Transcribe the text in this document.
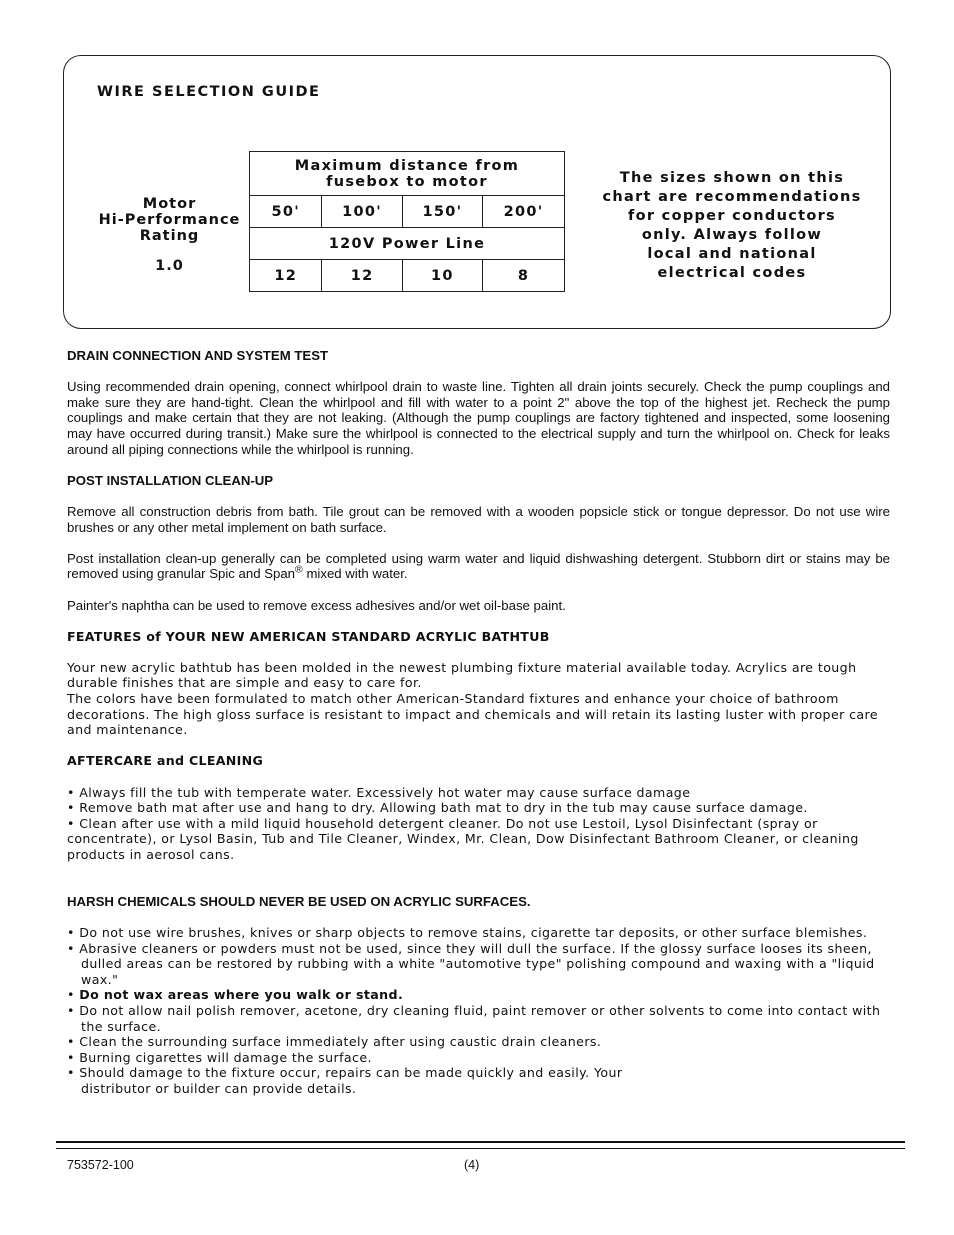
WIRE SELECTION GUIDE
Motor
Hi-Performance
Rating
1.0
Maximum distance from
fusebox to motor			

50'	100'	150'	200'
120V Power Line			
12	12	10	8
The sizes shown on this
chart are recommendations
for copper conductors
only. Always follow
local and national
electrical codes
DRAIN CONNECTION AND SYSTEM TEST

Using recommended drain opening, connect whirlpool drain to waste line. Tighten all drain joints securely. Check the pump couplings and make sure they are hand-tight. Clean the whirlpool and fill with water to a point 2" above the top of the highest jet. Recheck the pump couplings and make certain that they are not leaking. (Although the pump couplings are factory tightened and inspected, some loosening may have occurred during transit.) Make sure the whirlpool is connected to the electrical supply and turn the whirlpool on. Check for leaks around all piping connections while the whirlpool is running.

POST INSTALLATION CLEAN-UP

Remove all construction debris from bath. Tile grout can be removed with a wooden popsicle stick or tongue depressor. Do not use wire brushes or any other metal implement on bath surface.

Post installation clean-up generally can be completed using warm water and liquid dishwashing detergent. Stubborn dirt or stains may be removed using granular Spic and Span® mixed with water.

Painter's naphtha can be used to remove excess adhesives and/or wet oil-base paint.

FEATURES of YOUR NEW AMERICAN STANDARD ACRYLIC BATHTUB

Your new acrylic bathtub has been molded in the newest plumbing fixture material available today. Acrylics are tough durable finishes that are simple and easy to care for.

The colors have been formulated to match other American-Standard fixtures and enhance your choice of bathroom decorations. The high gloss surface is resistant to impact and chemicals and will retain its lasting luster with proper care and maintenance.

AFTERCARE and CLEANING

• Always fill the tub with temperate water. Excessively hot water may cause surface damage

• Remove bath mat after use and hang to dry. Allowing bath mat to dry in the tub may cause surface damage.

• Clean after use with a mild liquid household detergent cleaner. Do not use Lestoil, Lysol Disinfectant (spray or concentrate), or Lysol Basin, Tub and Tile Cleaner, Windex, Mr. Clean, Dow Disinfectant Bathroom Cleaner, or cleaning products in aerosol cans.

HARSH CHEMICALS SHOULD NEVER BE USED ON ACRYLIC SURFACES.

• Do not use wire brushes, knives or sharp objects to remove stains, cigarette tar deposits, or other surface blemishes.

• Abrasive cleaners or powders must not be used, since they will dull the surface. If the glossy surface looses its sheen, dulled areas can be restored by rubbing with a white "automotive type" polishing compound and waxing with a "liquid wax."

• Do not wax areas where you walk or stand.

• Do not allow nail polish remover, acetone, dry cleaning fluid, paint remover or other solvents to come into contact with the surface.

• Clean the surrounding surface immediately after using caustic drain cleaners.

• Burning cigarettes will damage the surface.

• Should damage to the fixture occur, repairs can be made quickly and easily. Your distributor or builder can provide details.

753572-100	(4)
